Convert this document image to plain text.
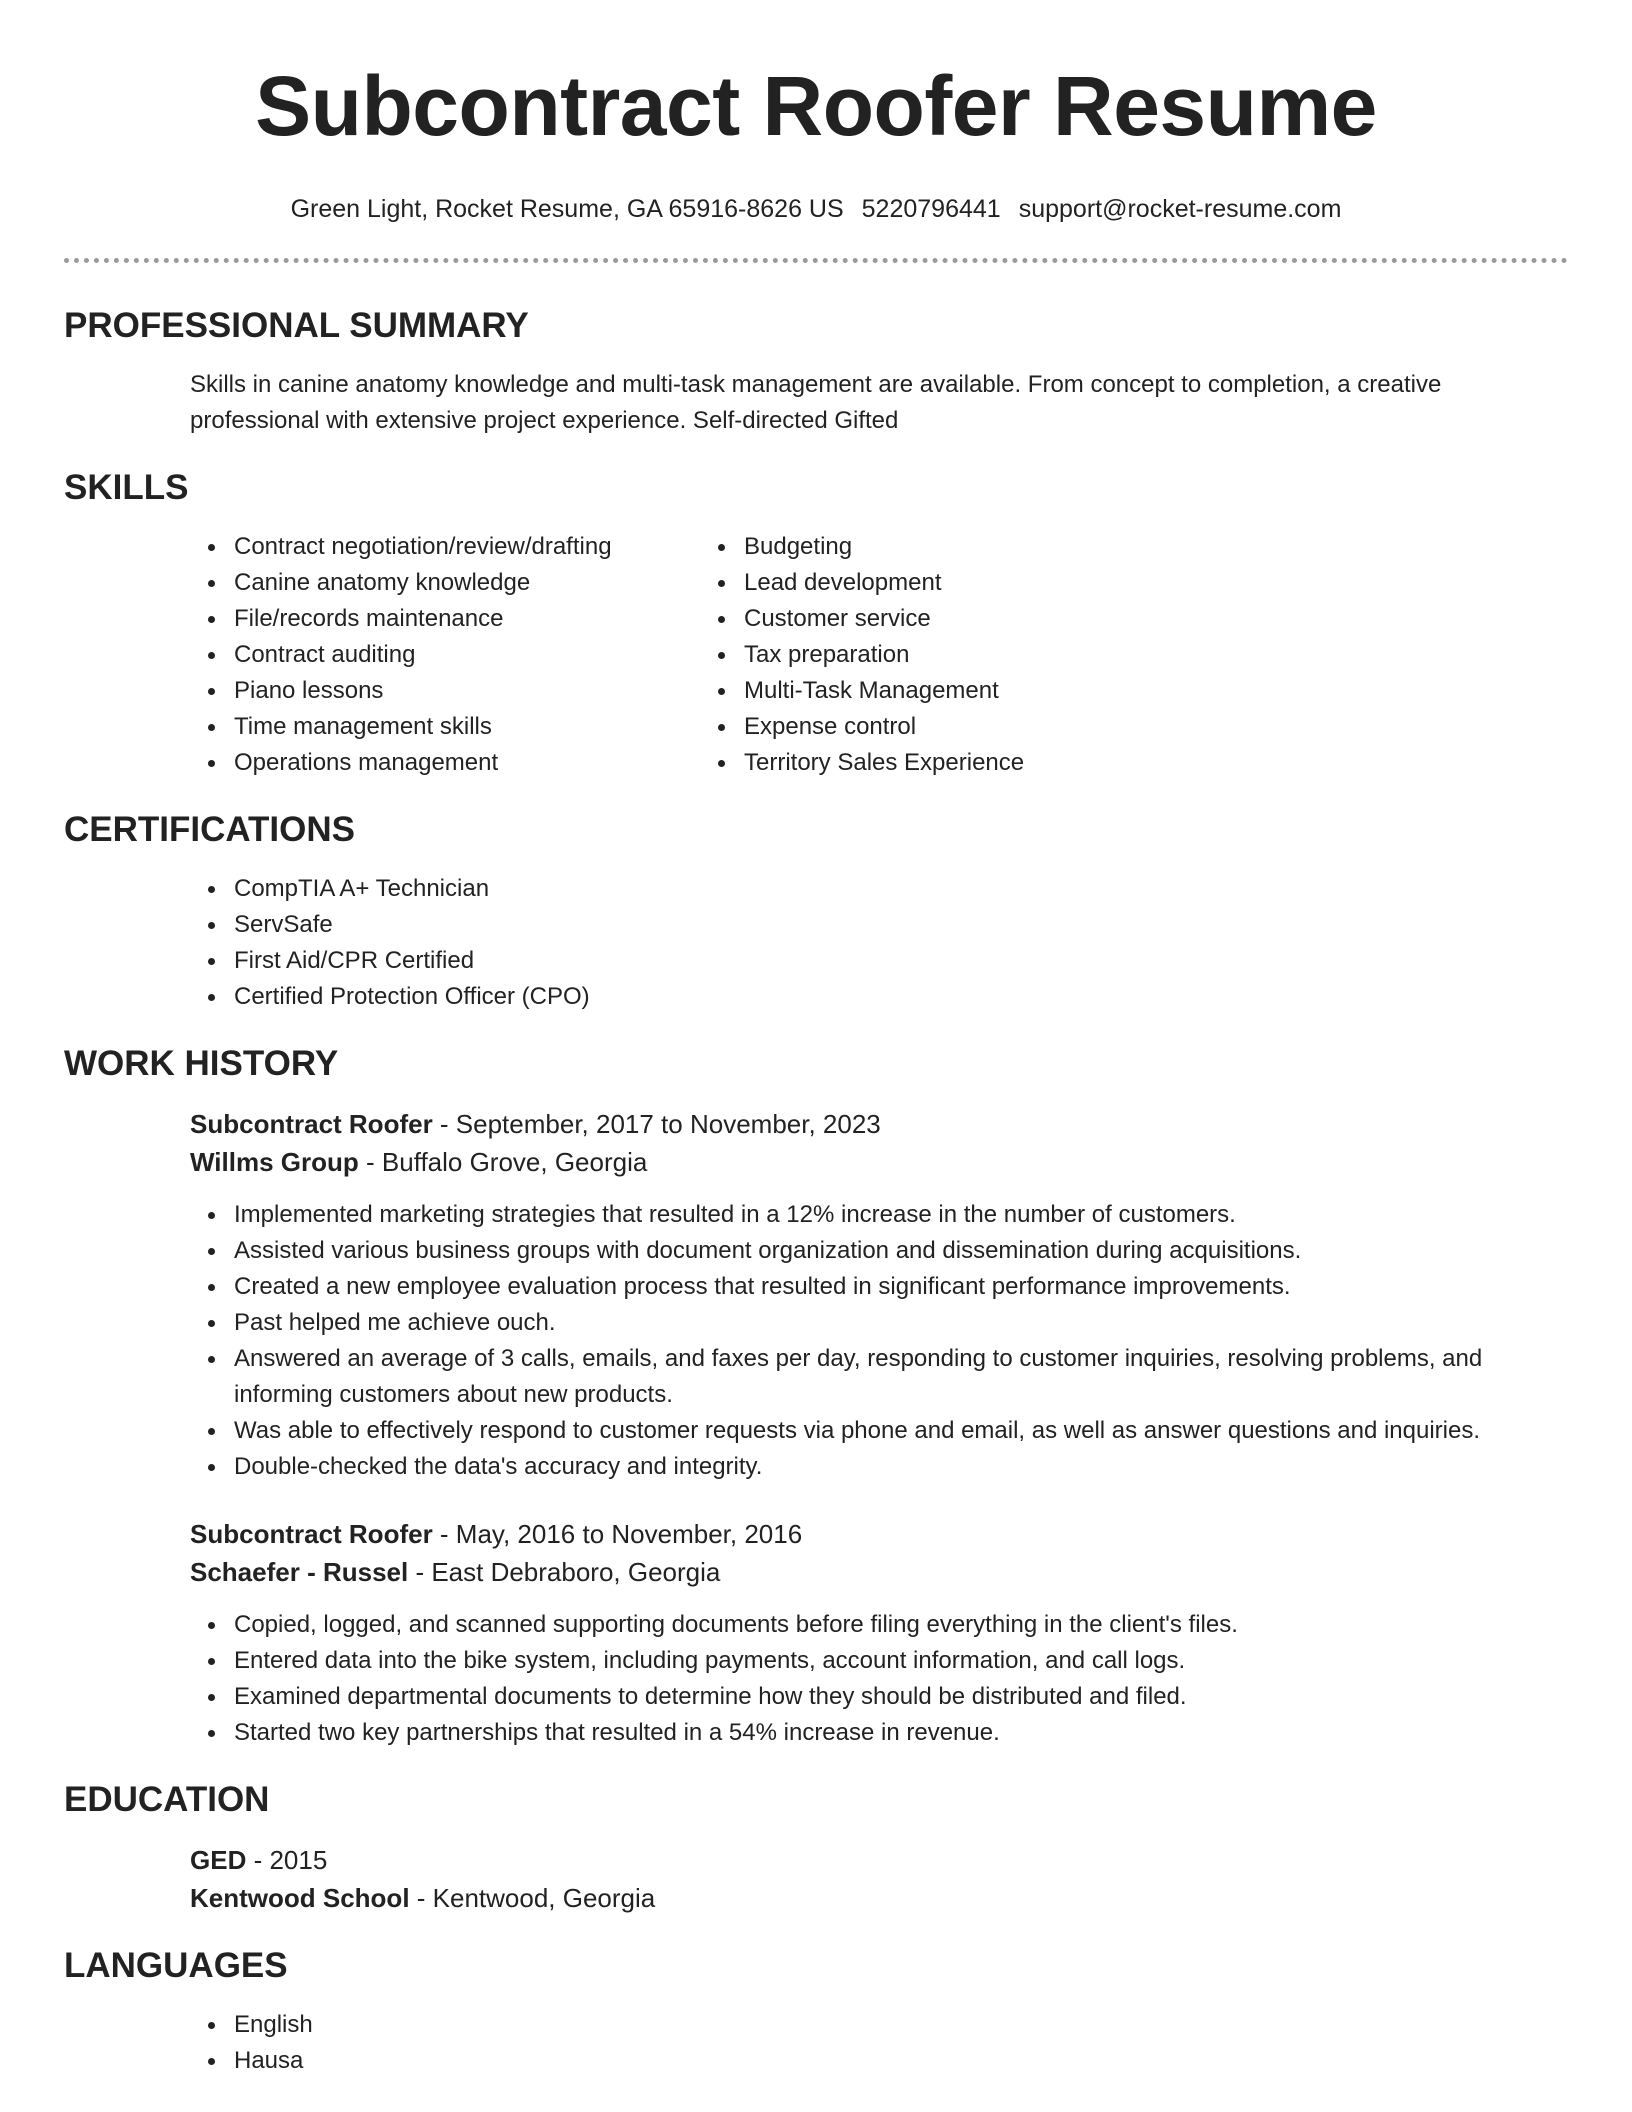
Subcontract Roofer Resume
Green Light, Rocket Resume, GA 65916-8626 US 5220796441 support@rocket-resume.com
PROFESSIONAL SUMMARY
Skills in canine anatomy knowledge and multi-task management are available. From concept to completion, a creative professional with extensive project experience. Self-directed Gifted
SKILLS
Contract negotiation/review/drafting
Canine anatomy knowledge
File/records maintenance
Contract auditing
Piano lessons
Time management skills
Operations management
Budgeting
Lead development
Customer service
Tax preparation
Multi-Task Management
Expense control
Territory Sales Experience
CERTIFICATIONS
CompTIA A+ Technician
ServSafe
First Aid/CPR Certified
Certified Protection Officer (CPO)
WORK HISTORY
Subcontract Roofer - September, 2017 to November, 2023
Willms Group - Buffalo Grove, Georgia
Implemented marketing strategies that resulted in a 12% increase in the number of customers.
Assisted various business groups with document organization and dissemination during acquisitions.
Created a new employee evaluation process that resulted in significant performance improvements.
Past helped me achieve ouch.
Answered an average of 3 calls, emails, and faxes per day, responding to customer inquiries, resolving problems, and informing customers about new products.
Was able to effectively respond to customer requests via phone and email, as well as answer questions and inquiries.
Double-checked the data's accuracy and integrity.
Subcontract Roofer - May, 2016 to November, 2016
Schaefer - Russel - East Debraboro, Georgia
Copied, logged, and scanned supporting documents before filing everything in the client's files.
Entered data into the bike system, including payments, account information, and call logs.
Examined departmental documents to determine how they should be distributed and filed.
Started two key partnerships that resulted in a 54% increase in revenue.
EDUCATION
GED - 2015
Kentwood School - Kentwood, Georgia
LANGUAGES
English
Hausa
